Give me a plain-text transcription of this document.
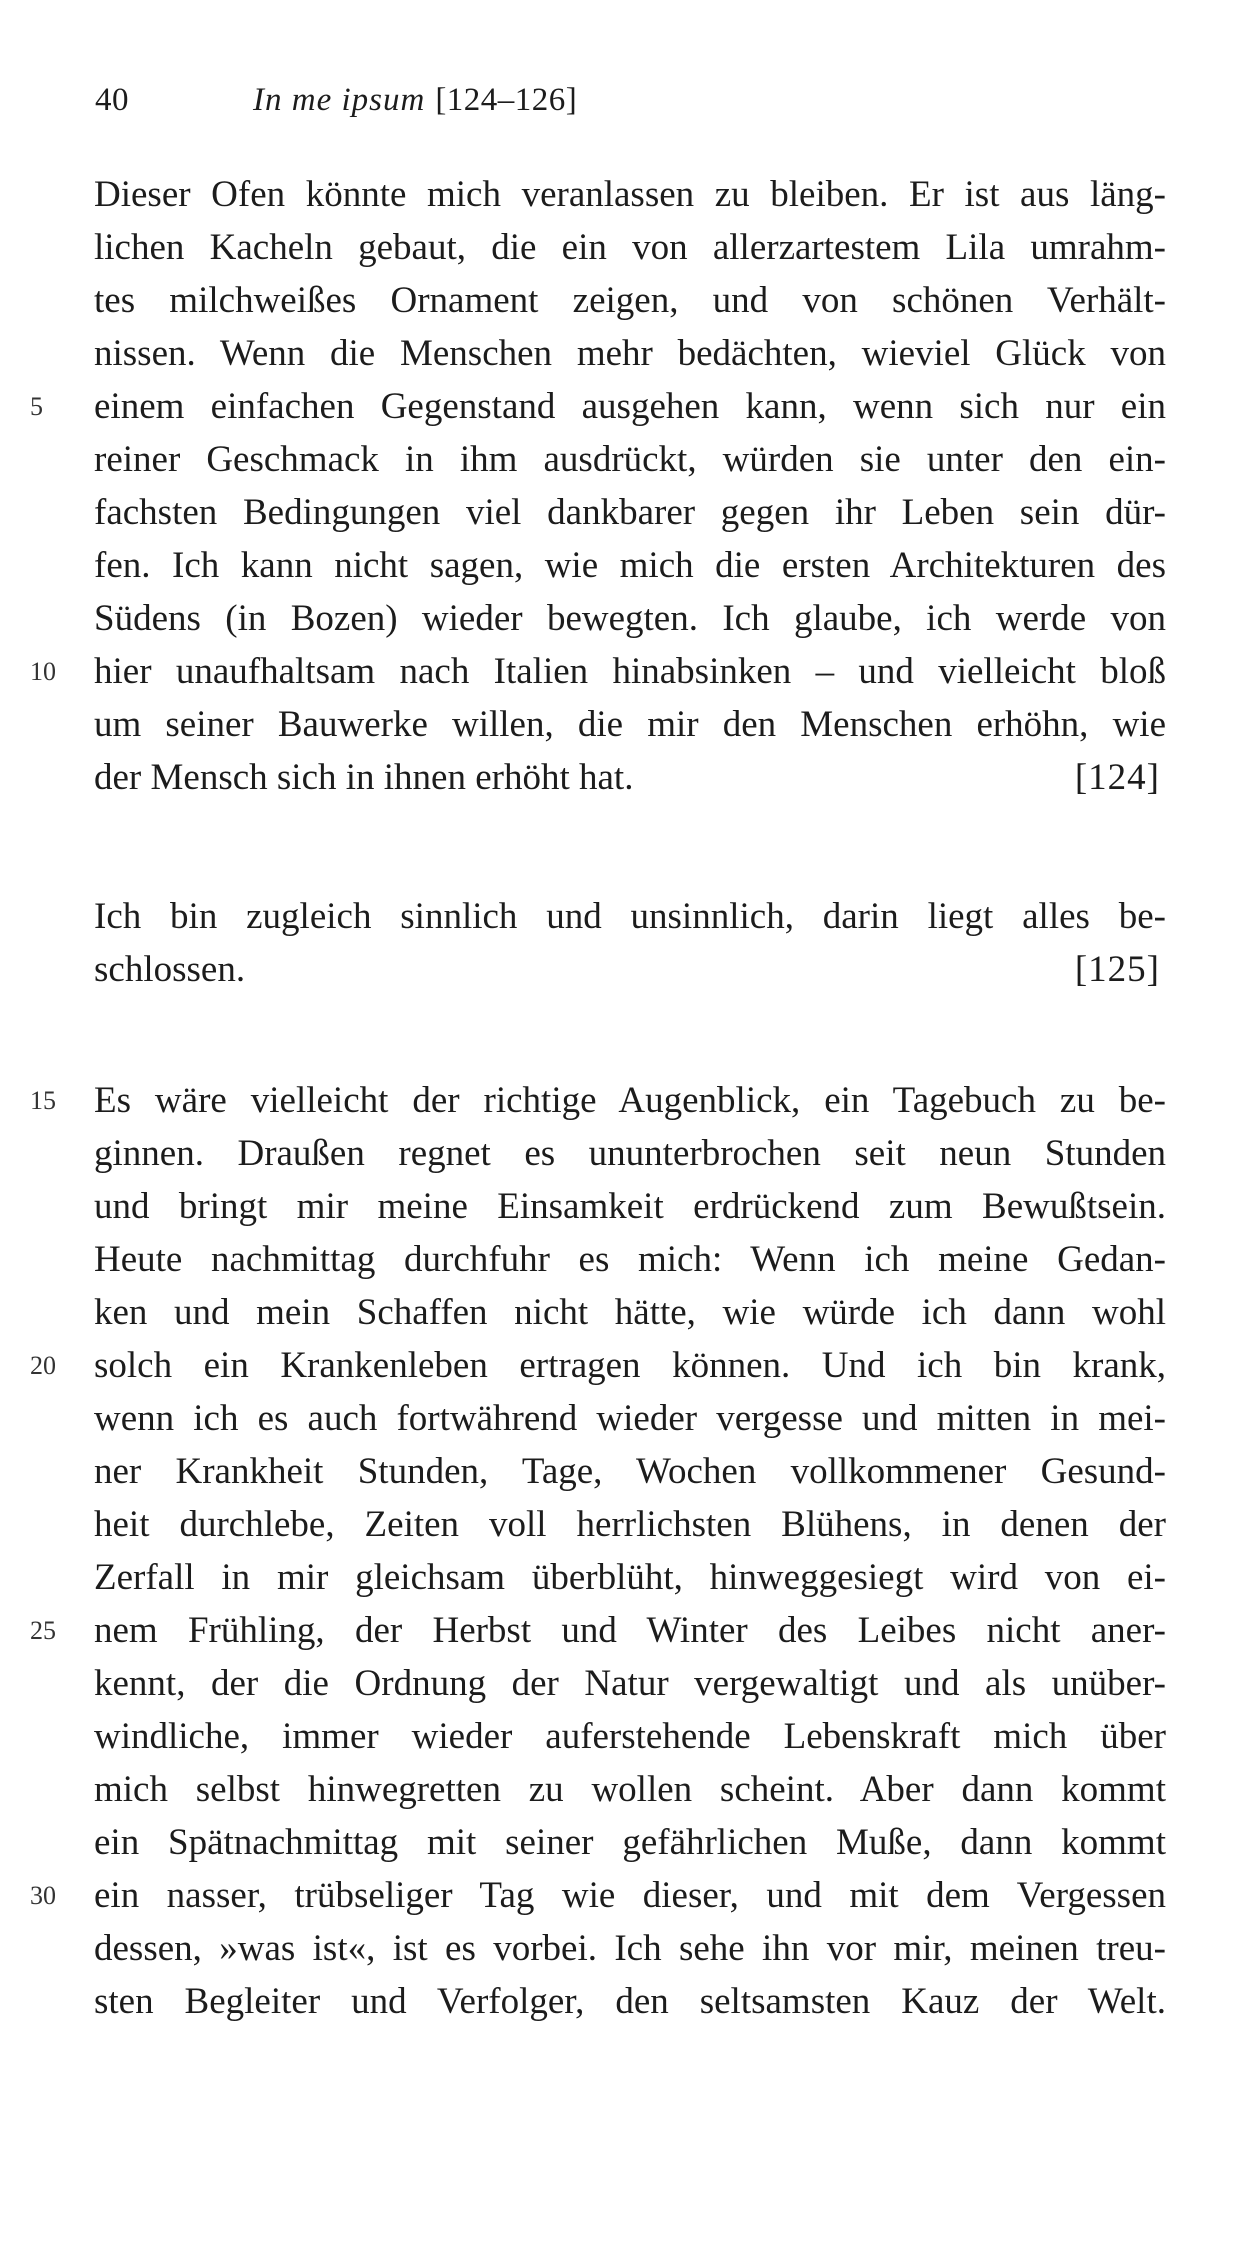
40	In me ipsum [124–126]
Dieser Ofen könnte mich veranlassen zu bleiben. Er ist aus läng-
lichen Kacheln gebaut, die ein von allerzartestem Lila umrahm-
tes milchweißes Ornament zeigen, und von schönen Verhält-
nissen. Wenn die Menschen mehr bedächten, wieviel Glück von
einem einfachen Gegenstand ausgehen kann, wenn sich nur ein
reiner Geschmack in ihm ausdrückt, würden sie unter den ein-
fachsten Bedingungen viel dankbarer gegen ihr Leben sein dür-
fen. Ich kann nicht sagen, wie mich die ersten Architekturen des
Südens (in Bozen) wieder bewegten. Ich glaube, ich werde von
hier unaufhaltsam nach Italien hinabsinken – und vielleicht bloß
um seiner Bauwerke willen, die mir den Menschen erhöhn, wie
der Mensch sich in ihnen erhöht hat.	[124]
Ich bin zugleich sinnlich und unsinnlich, darin liegt alles be-
schlossen.	[125]
Es wäre vielleicht der richtige Augenblick, ein Tagebuch zu be-
ginnen. Draußen regnet es ununterbrochen seit neun Stunden
und bringt mir meine Einsamkeit erdrückend zum Bewußtsein.
Heute nachmittag durchfuhr es mich: Wenn ich meine Gedan-
ken und mein Schaffen nicht hätte, wie würde ich dann wohl
solch ein Krankenleben ertragen können. Und ich bin krank,
wenn ich es auch fortwährend wieder vergesse und mitten in mei-
ner Krankheit Stunden, Tage, Wochen vollkommener Gesund-
heit durchlebe, Zeiten voll herrlichsten Blühens, in denen der
Zerfall in mir gleichsam überblüht, hinweggesiegt wird von ei-
nem Frühling, der Herbst und Winter des Leibes nicht aner-
kennt, der die Ordnung der Natur vergewaltigt und als unüber-
windliche, immer wieder auferstehende Lebenskraft mich über
mich selbst hinwegretten zu wollen scheint. Aber dann kommt
ein Spätnachmittag mit seiner gefährlichen Muße, dann kommt
ein nasser, trübseliger Tag wie dieser, und mit dem Vergessen
dessen, »was ist«, ist es vorbei. Ich sehe ihn vor mir, meinen treu-
sten Begleiter und Verfolger, den seltsamsten Kauz der Welt.
5
10
15
20
25
30
